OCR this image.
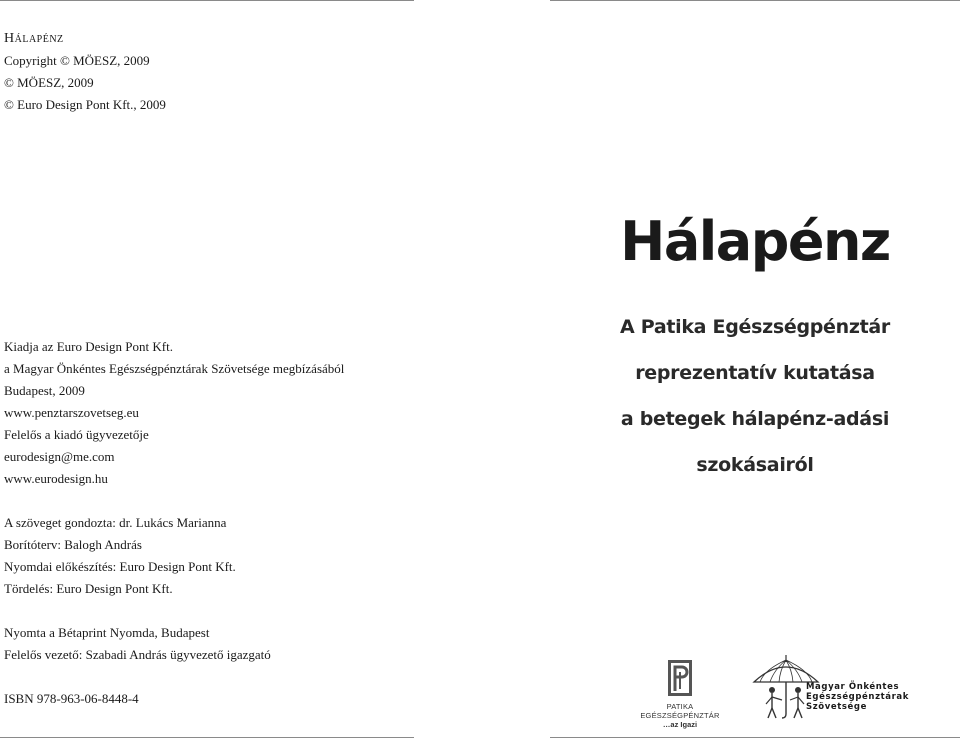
Hálapénz
Copyright © MÖESZ, 2009
© MÖESZ, 2009
© Euro Design Pont Kft., 2009
Kiadja az Euro Design Pont Kft.
a Magyar Önkéntes Egészségpénztárak Szövetsége megbízásából
Budapest, 2009
www.penztarszovetseg.eu
Felelős a kiadó ügyvezetője
eurodesign@me.com
www.eurodesign.hu
A szöveget gondozta: dr. Lukács Marianna
Borítóterv: Balogh András
Nyomdai előkészítés: Euro Design Pont Kft.
Tördelés: Euro Design Pont Kft.
Nyomta a Bétaprint Nyomda, Budapest
Felelős vezető: Szabadi András ügyvezető igazgató
ISBN 978-963-06-8448-4
Hálapénz
A Patika Egészségpénztár
reprezentatív kutatása
a betegek hálapénz-adási
szokásairól
PATIKA EGÉSZSÉGPÉNZTÁR
…az Igazi
Magyar Önkéntes
Egészségpénztárak
Szövetsége
